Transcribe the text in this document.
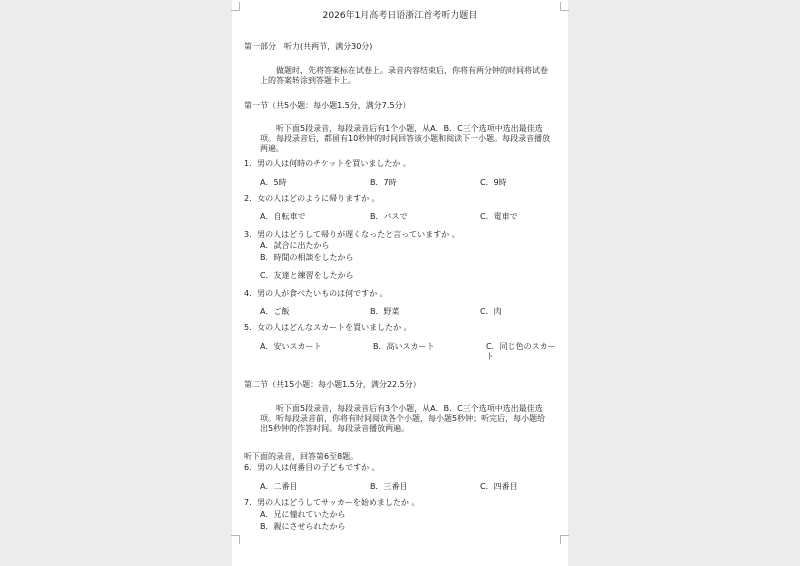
2026年1月高考日语浙江首考听力题目
第一部分　听力(共两节，满分30分)
做题时，先将答案标在试卷上。录音内容结束后，你将有两分钟的时间将试卷上的答案转涂到答题卡上。
第一节（共5小题：每小题1.5分，满分7.5分）
听下面5段录音，每段录音后有1个小题，从A．B．C三个选项中选出最佳选项。每段录音后，都留有10秒钟的时间回答该小题和阅读下一小题。每段录音播放两遍。
1．男の人は何時のチケットを買いましたか 。
A．5時	B．7時	C．9時
2．女の人はどのように帰りますか 。
A．自転車で	B．バスで	C．電車で
3．男の人はどうして帰りが遅くなったと言っていますか 。
A．試合に出たから
B．時間の相談をしたから
C．友達と練習をしたから
4．男の人が食べたいものは何ですか 。
A．ご飯	B．野菜	C．肉
5．女の人はどんなスカートを買いましたか 。
A．安いスカート	B．高いスカート	C．同じ色のスカート
第二节（共15小题：每小题1.5分，满分22.5分）
听下面5段录音，每段录音后有3个小题，从A．B．C三个选项中选出最佳选项。听每段录音前，你将有时间阅读各个小题，每小题5秒钟；听完后，每小题给出5秒钟的作答时间。每段录音播放两遍。
听下面的录音，回答第6至8题。
6．男の人は何番目の子どもですか 。
A．二番目	B．三番目	C．四番目
7．男の人はどうしてサッカーを始めましたか 。
A．兄に憧れていたから
B．親にさせられたから
